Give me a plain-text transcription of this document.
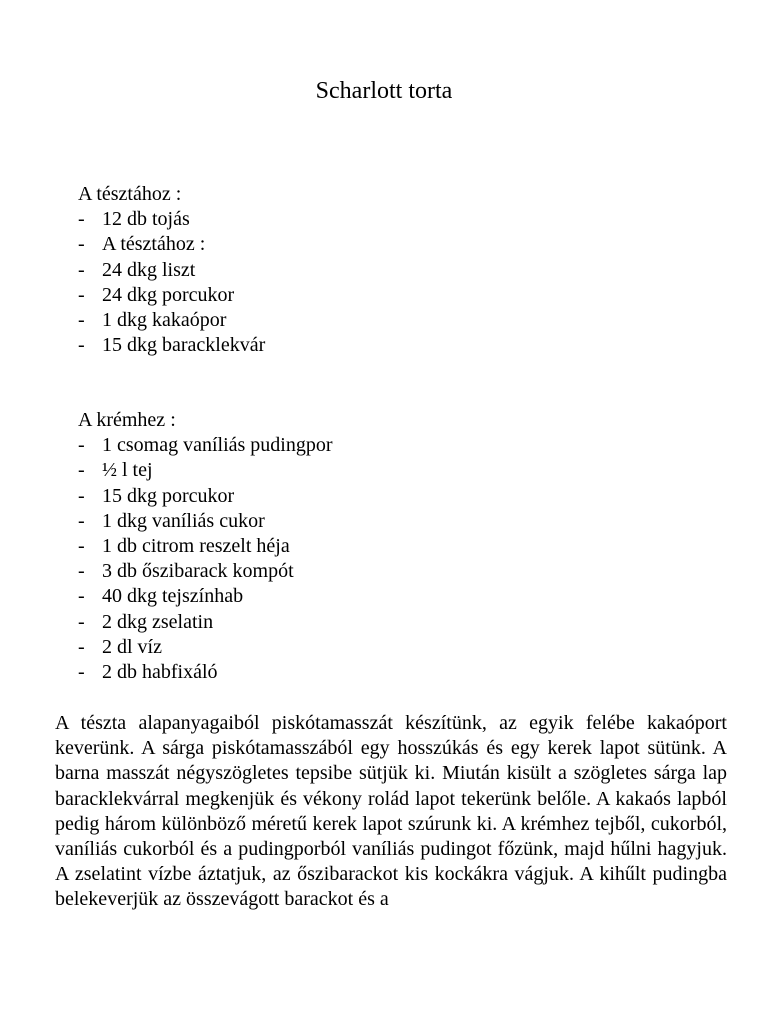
Scharlott torta

A tésztához :

- 12 db tojás
- A tésztához :
- 24 dkg liszt
- 24 dkg porcukor
- 1 dkg kakaópor
- 15 dkg baracklekvár

A krémhez :

- 1 csomag vaníliás pudingpor
- ½ l tej
- 15 dkg porcukor
- 1 dkg vaníliás cukor
- 1 db citrom reszelt héja
- 3 db őszibarack kompót
- 40 dkg tejszínhab
- 2 dkg zselatin
- 2 dl víz
- 2 db habfixáló

A tészta alapanyagaiból piskótamasszát készítünk, az egyik felébe kakaóport keverünk. A sárga piskótamasszából egy hosszúkás és egy kerek lapot sütünk. A barna masszát négyszögletes tepsibe sütjük ki. Miután kisült a szögletes sárga lap baracklekvárral megkenjük és vékony rolád lapot tekerünk belőle. A kakaós lapból pedig három különböző méretű kerek lapot szúrunk ki. A krémhez tejből, cukorból, vaníliás cukorból és a pudingporból vaníliás pudingot főzünk, majd hűlni hagyjuk. A zselatint vízbe áztatjuk, az őszibarackot kis kockákra vágjuk. A kihűlt pudingba belekeverjük az összevágott barackot és a
